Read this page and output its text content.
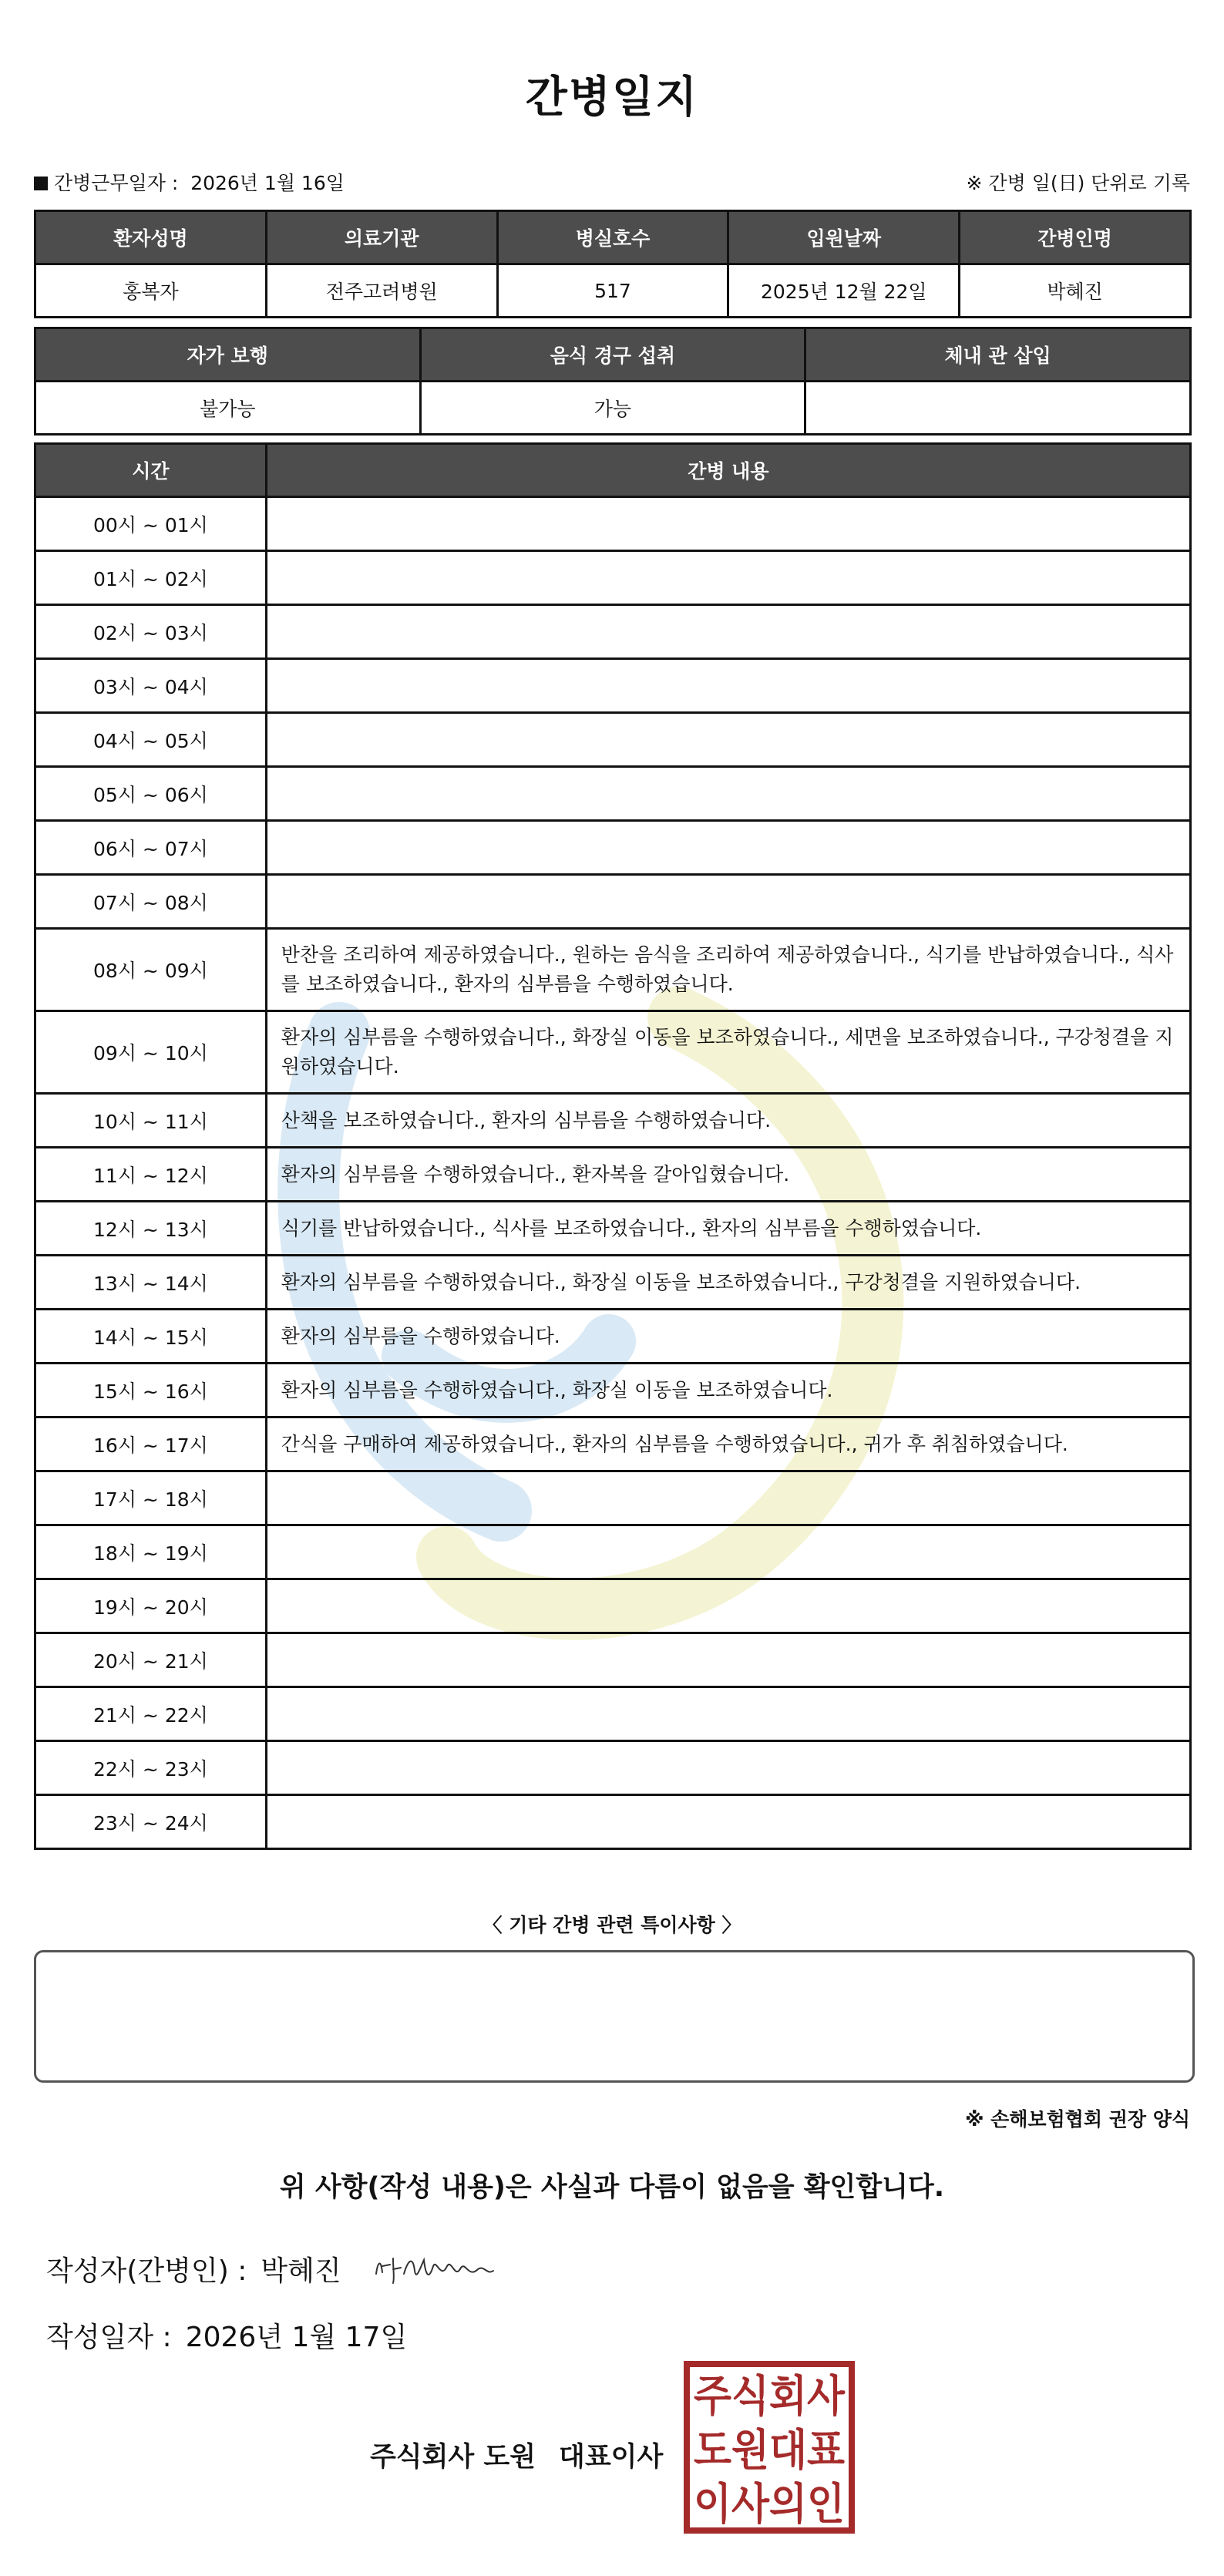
간병일지
간병근무일자 : 2026년 1월 16일	※ 간병 일(日) 단위로 기록
환자성명	의료기관	병실호수	입원날짜	간병인명
홍복자	전주고려병원	517	2025년 12월 22일	박혜진
자가 보행	음식 경구 섭취	체내 관 삽입
불가능	가능	
시간	간병 내용
00시 ~ 01시	
01시 ~ 02시	
02시 ~ 03시	
03시 ~ 04시	
04시 ~ 05시	
05시 ~ 06시	
06시 ~ 07시	
07시 ~ 08시	
08시 ~ 09시	반찬을 조리하여 제공하였습니다., 원하는 음식을 조리하여 제공하였습니다., 식기를 반납하였습니다., 식사를 보조하였습니다., 환자의 심부름을 수행하였습니다.
09시 ~ 10시	환자의 심부름을 수행하였습니다., 화장실 이동을 보조하였습니다., 세면을 보조하였습니다., 구강청결을 지원하였습니다.
10시 ~ 11시	산책을 보조하였습니다., 환자의 심부름을 수행하였습니다.
11시 ~ 12시	환자의 심부름을 수행하였습니다., 환자복을 갈아입혔습니다.
12시 ~ 13시	식기를 반납하였습니다., 식사를 보조하였습니다., 환자의 심부름을 수행하였습니다.
13시 ~ 14시	환자의 심부름을 수행하였습니다., 화장실 이동을 보조하였습니다., 구강청결을 지원하였습니다.
14시 ~ 15시	환자의 심부름을 수행하였습니다.
15시 ~ 16시	환자의 심부름을 수행하였습니다., 화장실 이동을 보조하였습니다.
16시 ~ 17시	간식을 구매하여 제공하였습니다., 환자의 심부름을 수행하였습니다., 귀가 후 취침하였습니다.
17시 ~ 18시	
18시 ~ 19시	
19시 ~ 20시	
20시 ~ 21시	
21시 ~ 22시	
22시 ~ 23시	
23시 ~ 24시	
〈 기타 간병 관련 특이사항 〉
※ 손해보험협회 권장 양식
위 사항(작성 내용)은 사실과 다름이 없음을 확인합니다.
작성자(간병인) : 박혜진
작성일자 : 2026년 1월 17일
주식회사 도원 대표이사
주식회사
도원대표
이사의인
